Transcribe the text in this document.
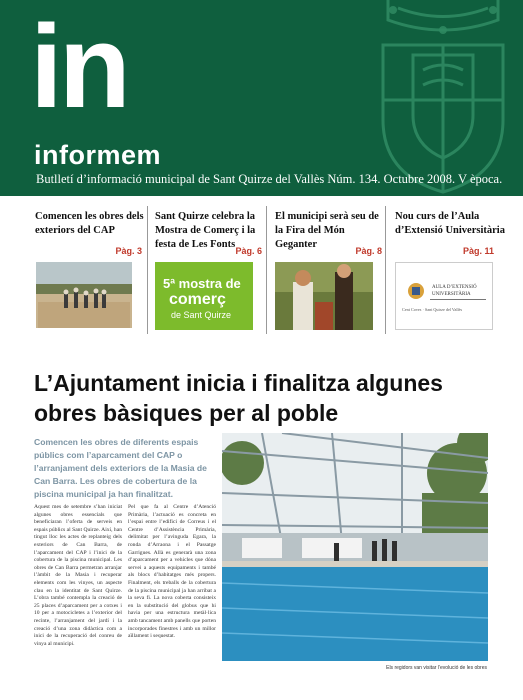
in
informem
Butlletí d’informació municipal de Sant Quirze del Vallès Núm. 134. Octubre 2008. V època.
Comencen les obres dels exteriors del CAP
Pàg. 3
Sant Quirze celebra la Mostra de Comerç i la festa de Les Fonts
Pàg. 6
5ª mostra de
comerç
de Sant Quirze
El municipi serà seu de la Fira del Món Geganter
Pàg. 8
Nou curs de l’Aula d’Extensió Universitària
Pàg. 11
AULA D’EXTENSIÓ
UNIVERSITÀRIA
Cent Coves · Sant Quirze del Vallès
L’Ajuntament inicia i finalitza algunes obres bàsiques per al poble
Comencen les obres de diferents espais públics com l’aparcament del CAP o l’arranjament dels exteriors de la Masia de Can Barra. Les obres de cobertura de la piscina municipal ja han finalitzat.
Aquest mes de setembre s’han iniciat algunes obres essencials que beneficiaran l’oferta de serveis en espais públics al Sant Quirze. Així, han tingut lloc les actes de replanteig dels exteriors de Can Barra, de l’aparcament del CAP i l’inici de la cobertura de la piscina municipal. Les obres de Can Barra permetran arranjar l’àmbit de la Masia i recuperar elements com les vinyes, un aspecte clau en la identitat de Sant Quirze. L’obra també contempla la creació de 25 places d’aparcament per a cotxes i 10 per a motocicletes a l’exterior del recinte, l’arranjament del jardí i la creació d’una zona didàctica com a inici de la recuperació del conreu de vinya al municipi.
Pel que fa al Centre d’Atenció Primària, l’actuació es concreta en l’espai entre l’edifici de Correus i el Centre d’Assistència Primària, delimitat per l’avinguda Egara, la ronda d’Arraona i el Passatge Garrigues. Allà es generarà una zona d’aparcament per a vehicles que dóna servei a aquests equipaments i també als blocs d’habitatges més propers. Finalment, els treballs de la cobertura de la piscina municipal ja han arribat a la seva fi. La nova coberta consisteix en la substitució del globus que hi havia per una estructura metàl·lica amb tancament amb panells que porten incorporades finestres i amb un millor aïllament i sequestat.
Els regidors van visitar l’evolució de les obres
